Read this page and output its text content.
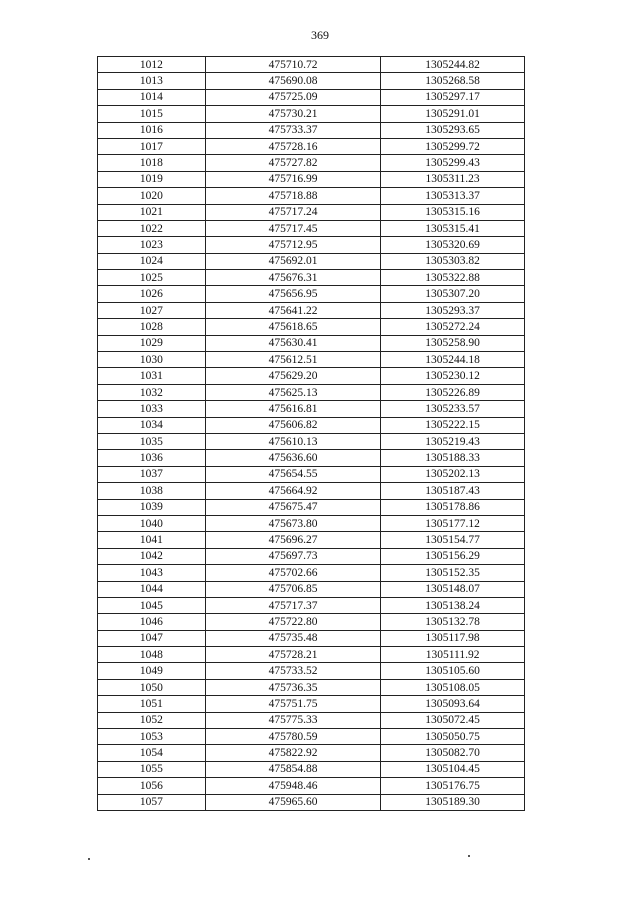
369
1012	475710.72	1305244.82
1013	475690.08	1305268.58
1014	475725.09	1305297.17
1015	475730.21	1305291.01
1016	475733.37	1305293.65
1017	475728.16	1305299.72
1018	475727.82	1305299.43
1019	475716.99	1305311.23
1020	475718.88	1305313.37
1021	475717.24	1305315.16
1022	475717.45	1305315.41
1023	475712.95	1305320.69
1024	475692.01	1305303.82
1025	475676.31	1305322.88
1026	475656.95	1305307.20
1027	475641.22	1305293.37
1028	475618.65	1305272.24
1029	475630.41	1305258.90
1030	475612.51	1305244.18
1031	475629.20	1305230.12
1032	475625.13	1305226.89
1033	475616.81	1305233.57
1034	475606.82	1305222.15
1035	475610.13	1305219.43
1036	475636.60	1305188.33
1037	475654.55	1305202.13
1038	475664.92	1305187.43
1039	475675.47	1305178.86
1040	475673.80	1305177.12
1041	475696.27	1305154.77
1042	475697.73	1305156.29
1043	475702.66	1305152.35
1044	475706.85	1305148.07
1045	475717.37	1305138.24
1046	475722.80	1305132.78
1047	475735.48	1305117.98
1048	475728.21	1305111.92
1049	475733.52	1305105.60
1050	475736.35	1305108.05
1051	475751.75	1305093.64
1052	475775.33	1305072.45
1053	475780.59	1305050.75
1054	475822.92	1305082.70
1055	475854.88	1305104.45
1056	475948.46	1305176.75
1057	475965.60	1305189.30
